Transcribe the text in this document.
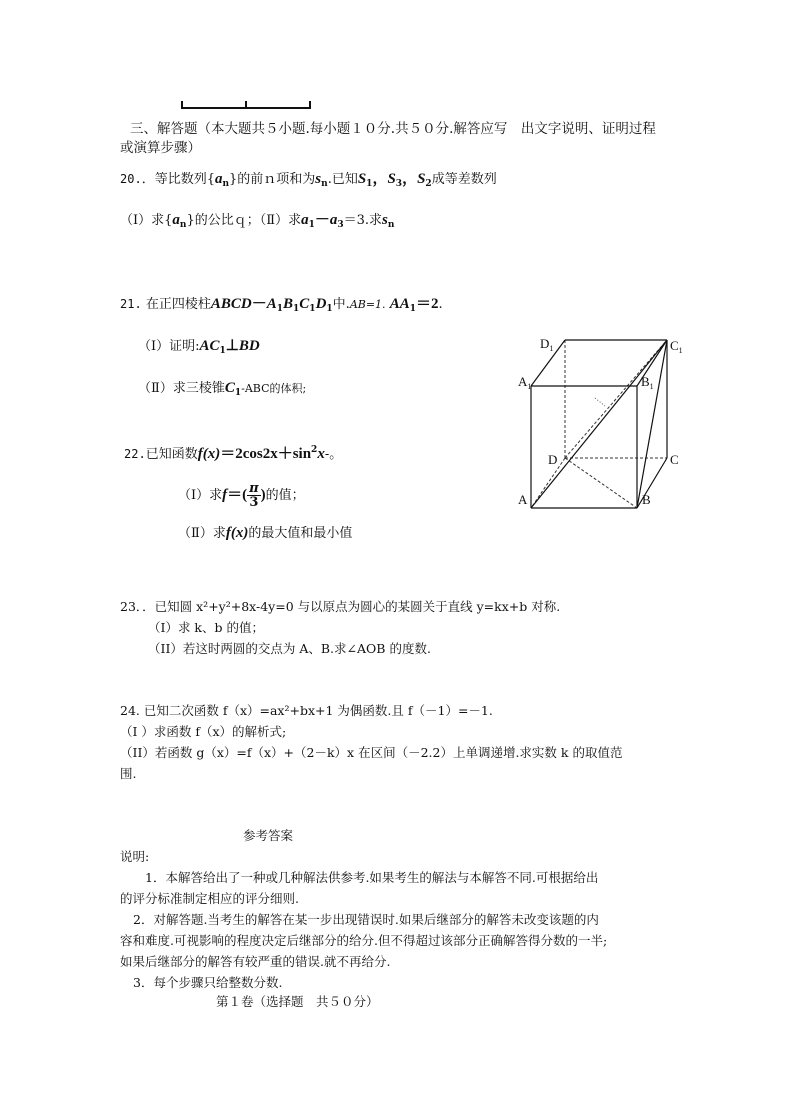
三、解答题（本大题共５小题.每小题１０分.共５０分.解答应写　出文字说明、证明过程
或演算步骤）
20.．等比数列$\{a_n\}$的前ｎ项和为$s_n$.已知$S_1$，$S_3$，$S_2$成等差数列
（Ⅰ）求$\{a_n\}$的公比ｑ；（Ⅱ）求$a_1-a_3=3$.求$s_n$
21. 在正四棱柱$ABCD-A_1B_1C_1D_1$中.AB=1. $AA_1=2$.
（Ⅰ）证明$:AC_1\perp BD$
（Ⅱ）求三棱锥$C_1$-ABC的体积;
22.已知函数$f(x)=2\cos 2x+\sin^2x-$。
（Ⅰ）求$f=( \frac{\pi}{3}$ )的值；
（Ⅱ）求f(x)的最大值和最小值
$D_1$	$C_1$
$A_1$	$B_1$
D	C
A	B
23．．已知圆 x²+y²+8x-4y=0 与以原点为圆心的某圆关于直线 y=kx+b 对称.
（I）求 k、b 的值；
（II）若这时两圆的交点为 A、B.求∠AOB 的度数.
24. 已知二次函数 f（x）=ax²+bx+1 为偶函数.且 f（－1）=－1.
（I ）求函数 f（x）的解析式;
（II）若函数 g（x）=f（x）+（2－k）x 在区间（－2.2）上单调递增.求实数 k 的取值范
围.
参考答案
说明:
1．本解答给出了一种或几种解法供参考.如果考生的解法与本解答不同.可根据给出
的评分标准制定相应的评分细则.
2．对解答题.当考生的解答在某一步出现错误时.如果后继部分的解答未改变该题的内
容和难度.可视影响的程度决定后继部分的给分.但不得超过该部分正确解答得分数的一半;
如果后继部分的解答有较严重的错误.就不再给分.
3．每个步骤只给整数分数.
第１卷（选择题　共５０分）
